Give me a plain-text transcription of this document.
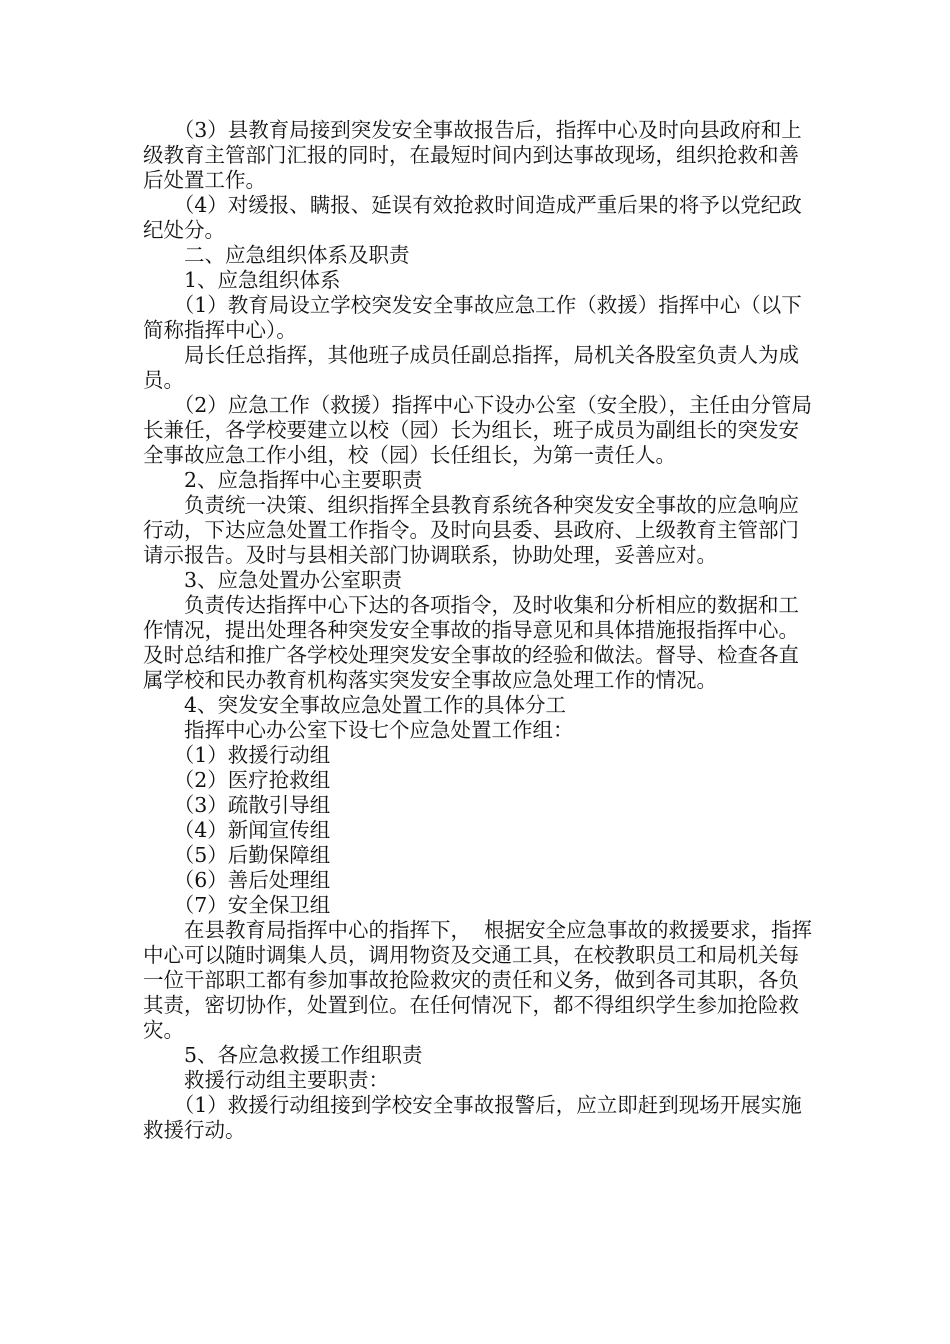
　　（3）县教育局接到突发安全事故报告后，指挥中心及时向县政府和上级教育主管部门汇报的同时，在最短时间内到达事故现场，组织抢救和善后处置工作。

　　（4）对缓报、瞒报、延误有效抢救时间造成严重后果的将予以党纪政纪处分。

　　二、应急组织体系及职责

　　1、应急组织体系

　　（1）教育局设立学校突发安全事故应急工作（救援）指挥中心（以下简称指挥中心）。

　　局长任总指挥，其他班子成员任副总指挥，局机关各股室负责人为成员。

　　（2）应急工作（救援）指挥中心下设办公室（安全股），主任由分管局长兼任，各学校要建立以校（园）长为组长，班子成员为副组长的突发安全事故应急工作小组，校（园）长任组长，为第一责任人。

　　2、应急指挥中心主要职责

　　负责统一决策、组织指挥全县教育系统各种突发安全事故的应急响应行动，下达应急处置工作指令。及时向县委、县政府、上级教育主管部门请示报告。及时与县相关部门协调联系，协助处理，妥善应对。

　　3、应急处置办公室职责

　　负责传达指挥中心下达的各项指令，及时收集和分析相应的数据和工作情况，提出处理各种突发安全事故的指导意见和具体措施报指挥中心。及时总结和推广各学校处理突发安全事故的经验和做法。督导、检查各直属学校和民办教育机构落实突发安全事故应急处理工作的情况。

　　4、突发安全事故应急处置工作的具体分工

　　指挥中心办公室下设七个应急处置工作组：

　　（1）救援行动组

　　（2）医疗抢救组

　　（3）疏散引导组

　　（4）新闻宣传组

　　（5）后勤保障组

　　（6）善后处理组

　　（7）安全保卫组

　　在县教育局指挥中心的指挥下，  根据安全应急事故的救援要求，指挥中心可以随时调集人员，调用物资及交通工具，在校教职员工和局机关每一位干部职工都有参加事故抢险救灾的责任和义务，做到各司其职，各负其责，密切协作，处置到位。在任何情况下，都不得组织学生参加抢险救灾。

　　5、各应急救援工作组职责

　　救援行动组主要职责：

　　（1）救援行动组接到学校安全事故报警后，应立即赶到现场开展实施救援行动。
